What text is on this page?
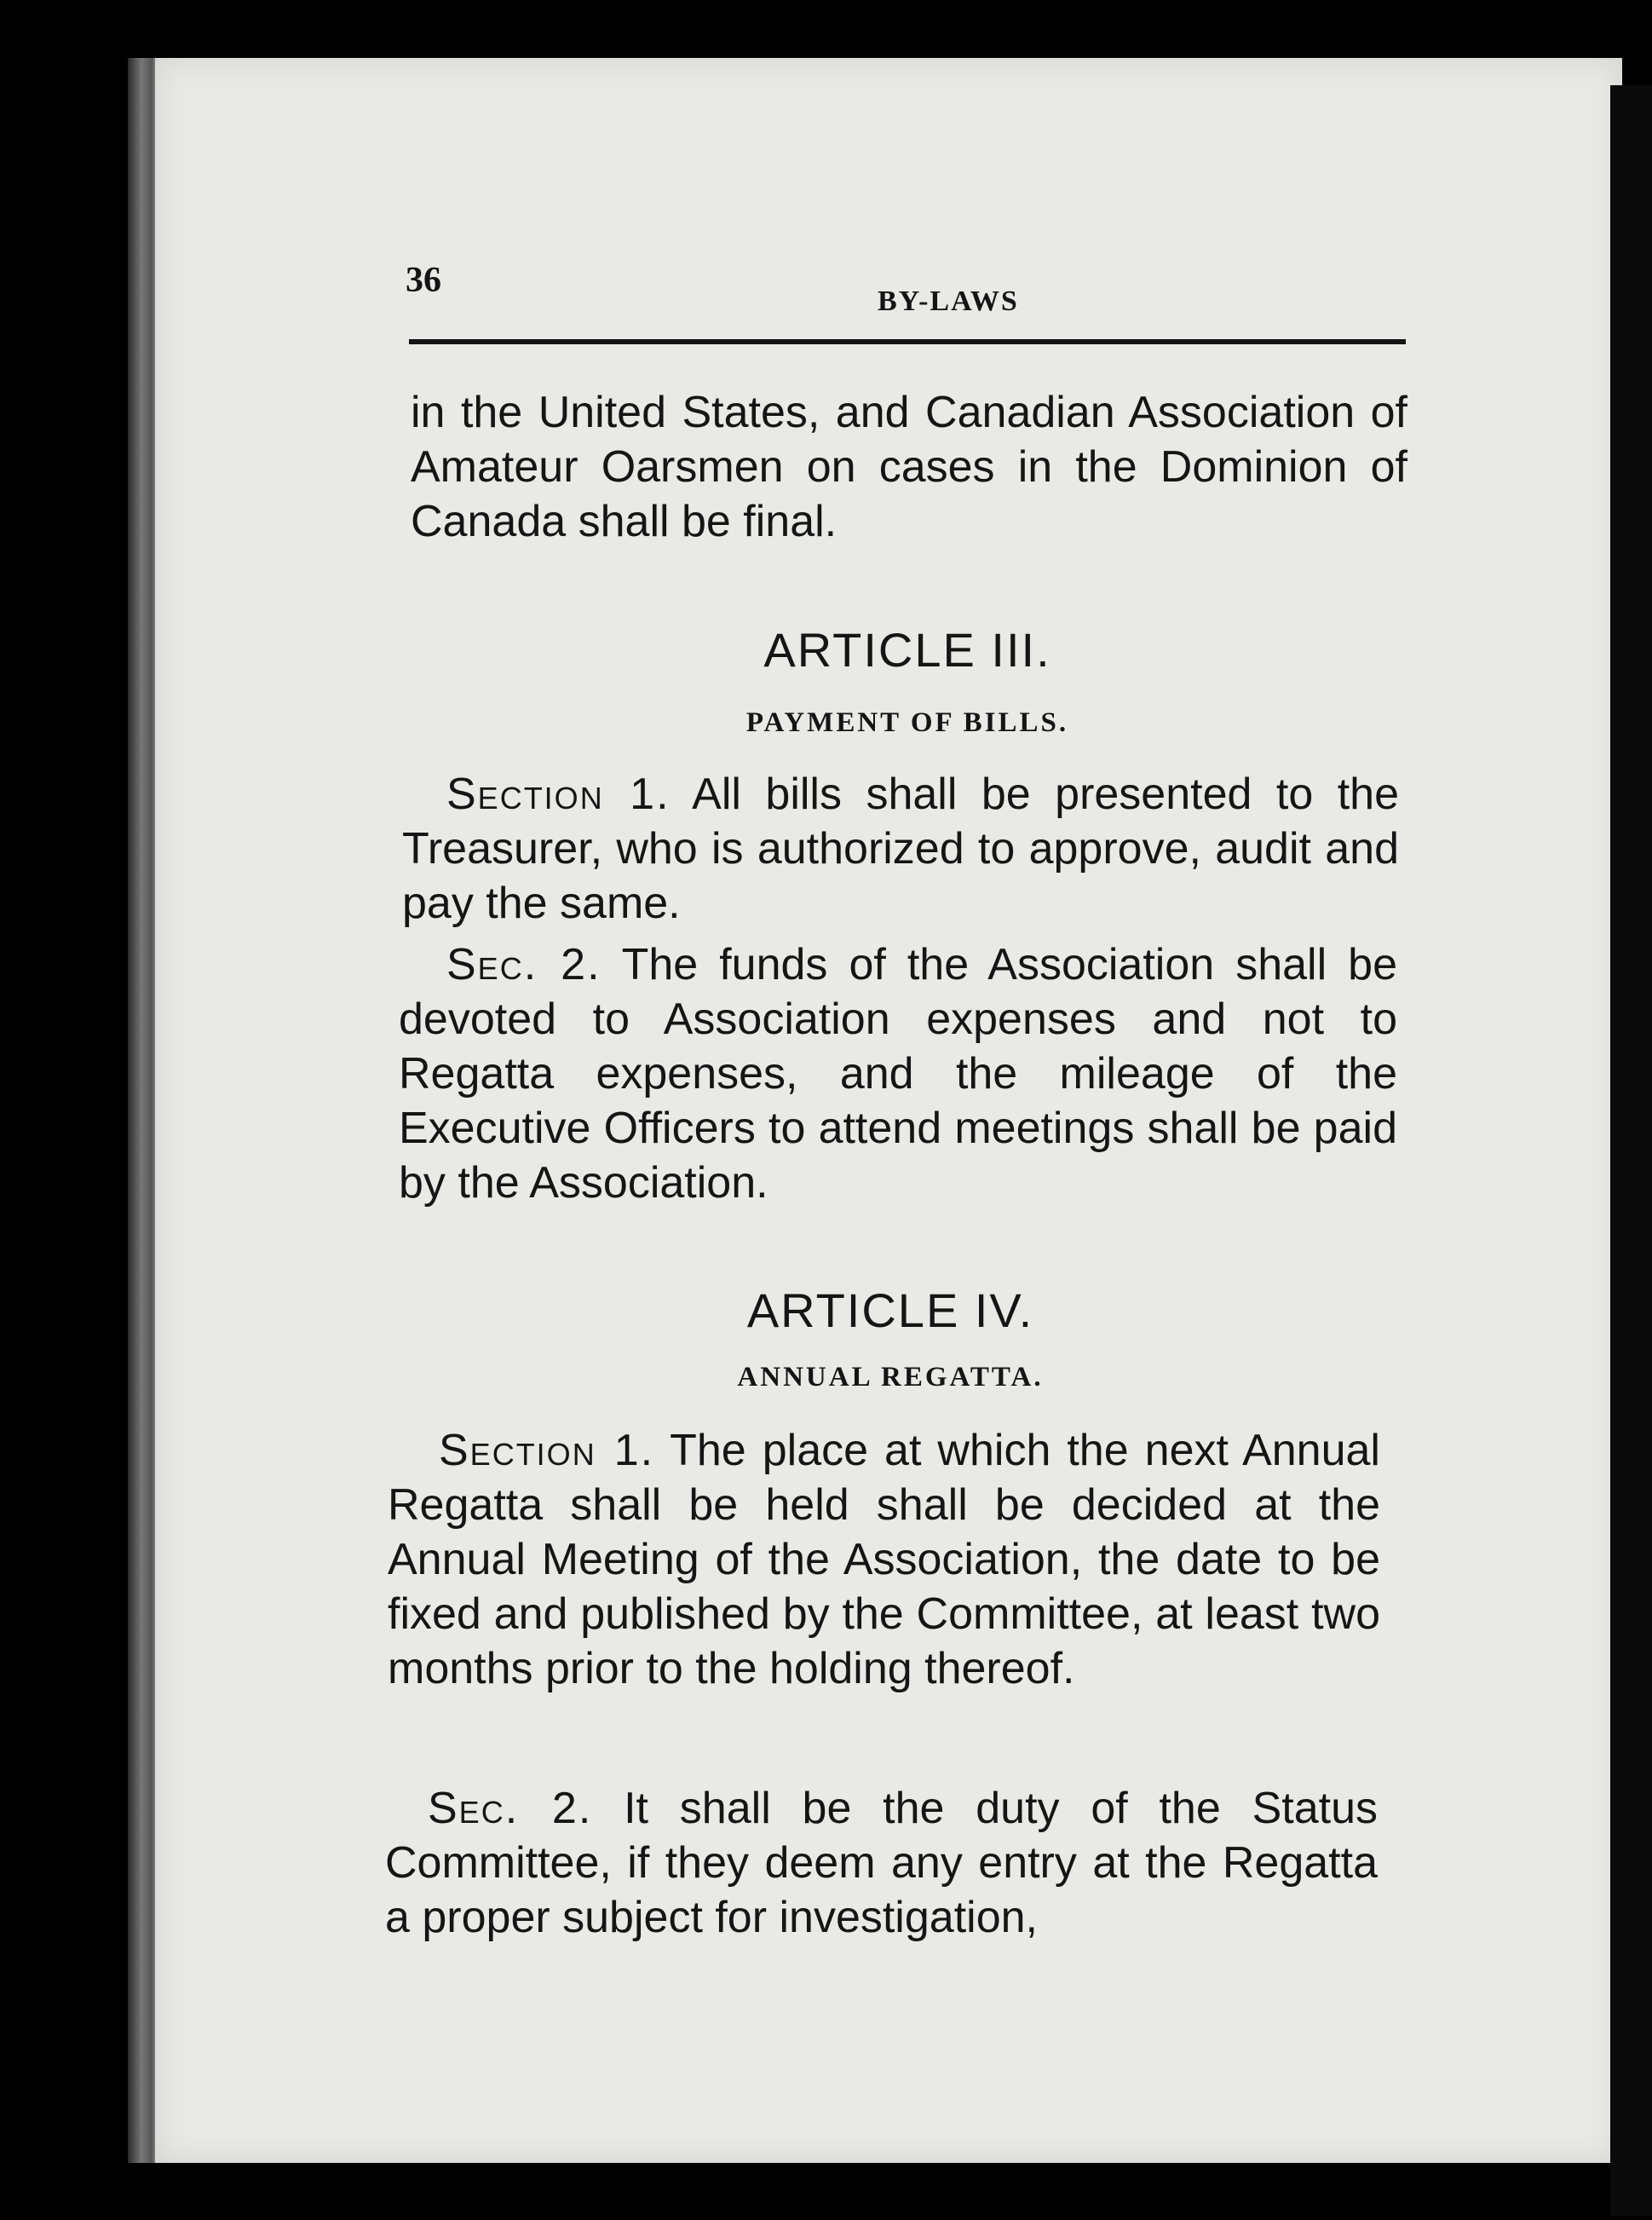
36
BY-LAWS

in the United States, and Canadian Association of Amateur Oarsmen on cases in the Dominion of Canada shall be final.

ARTICLE III.
PAYMENT OF BILLS.

Section 1. All bills shall be presented to the Treasurer, who is authorized to approve, audit and pay the same.

Sec. 2. The funds of the Association shall be devoted to Association expenses and not to Regatta expenses, and the mileage of the Executive Officers to attend meetings shall be paid by the Association.

ARTICLE IV.
ANNUAL REGATTA.

Section 1. The place at which the next Annual Regatta shall be held shall be decided at the Annual Meeting of the Association, the date to be fixed and published by the Committee, at least two months prior to the holding thereof.

Sec. 2. It shall be the duty of the Status Committee, if they deem any entry at the Regatta a proper subject for investigation,
